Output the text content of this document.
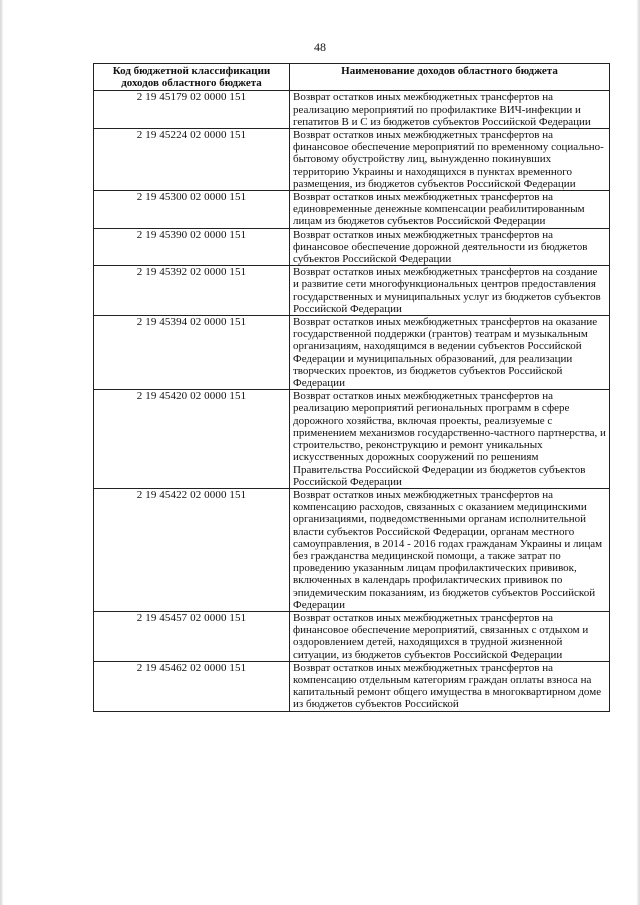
48
Код бюджетной классификации доходов областного бюджета	Наименование доходов областного бюджета
2 19 45179 02 0000 151	Возврат остатков иных межбюджетных трансфертов на реализацию мероприятий по профилактике ВИЧ-инфекции и гепатитов В и С из бюджетов субъектов Российской Федерации
2 19 45224 02 0000 151	Возврат остатков иных межбюджетных трансфертов на финансовое обеспечение мероприятий по временному социально-бытовому обустройству лиц, вынужденно покинувших территорию Украины и находящихся в пунктах временного размещения, из бюджетов субъектов Российской Федерации
2 19 45300 02 0000 151	Возврат остатков иных межбюджетных трансфертов на единовременные денежные компенсации реабилитированным лицам из бюджетов субъектов Российской Федерации
2 19 45390 02 0000 151	Возврат остатков иных межбюджетных трансфертов на финансовое обеспечение дорожной деятельности из бюджетов субъектов Российской Федерации
2 19 45392 02 0000 151	Возврат остатков иных межбюджетных трансфертов на создание и развитие сети многофункциональных центров предоставления государственных и муниципальных услуг из бюджетов субъектов Российской Федерации
2 19 45394 02 0000 151	Возврат остатков иных межбюджетных трансфертов на оказание государственной поддержки (грантов) театрам и музыкальным организациям, находящимся в ведении субъектов Российской Федерации и муниципальных образований, для реализации творческих проектов, из бюджетов субъектов Российской Федерации
2 19 45420 02 0000 151	Возврат остатков иных межбюджетных трансфертов на реализацию мероприятий региональных программ в сфере дорожного хозяйства, включая проекты, реализуемые с применением механизмов государственно-частного партнерства, и строительство, реконструкцию и ремонт уникальных искусственных дорожных сооружений по решениям Правительства Российской Федерации из бюджетов субъектов Российской Федерации
2 19 45422 02 0000 151	Возврат остатков иных межбюджетных трансфертов на компенсацию расходов, связанных с оказанием медицинскими организациями, подведомственными органам исполнительной власти субъектов Российской Федерации, органам местного самоуправления, в 2014 - 2016 годах гражданам Украины и лицам без гражданства медицинской помощи, а также затрат по проведению указанным лицам профилактических прививок, включенных в календарь профилактических прививок по эпидемическим показаниям, из бюджетов субъектов Российской Федерации
2 19 45457 02 0000 151	Возврат остатков иных межбюджетных трансфертов на финансовое обеспечение мероприятий, связанных с отдыхом и оздоровлением детей, находящихся в трудной жизненной ситуации, из бюджетов субъектов Российской Федерации
2 19 45462 02 0000 151	Возврат остатков иных межбюджетных трансфертов на компенсацию отдельным категориям граждан оплаты взноса на капитальный ремонт общего имущества в многоквартирном доме из бюджетов субъектов Российской
